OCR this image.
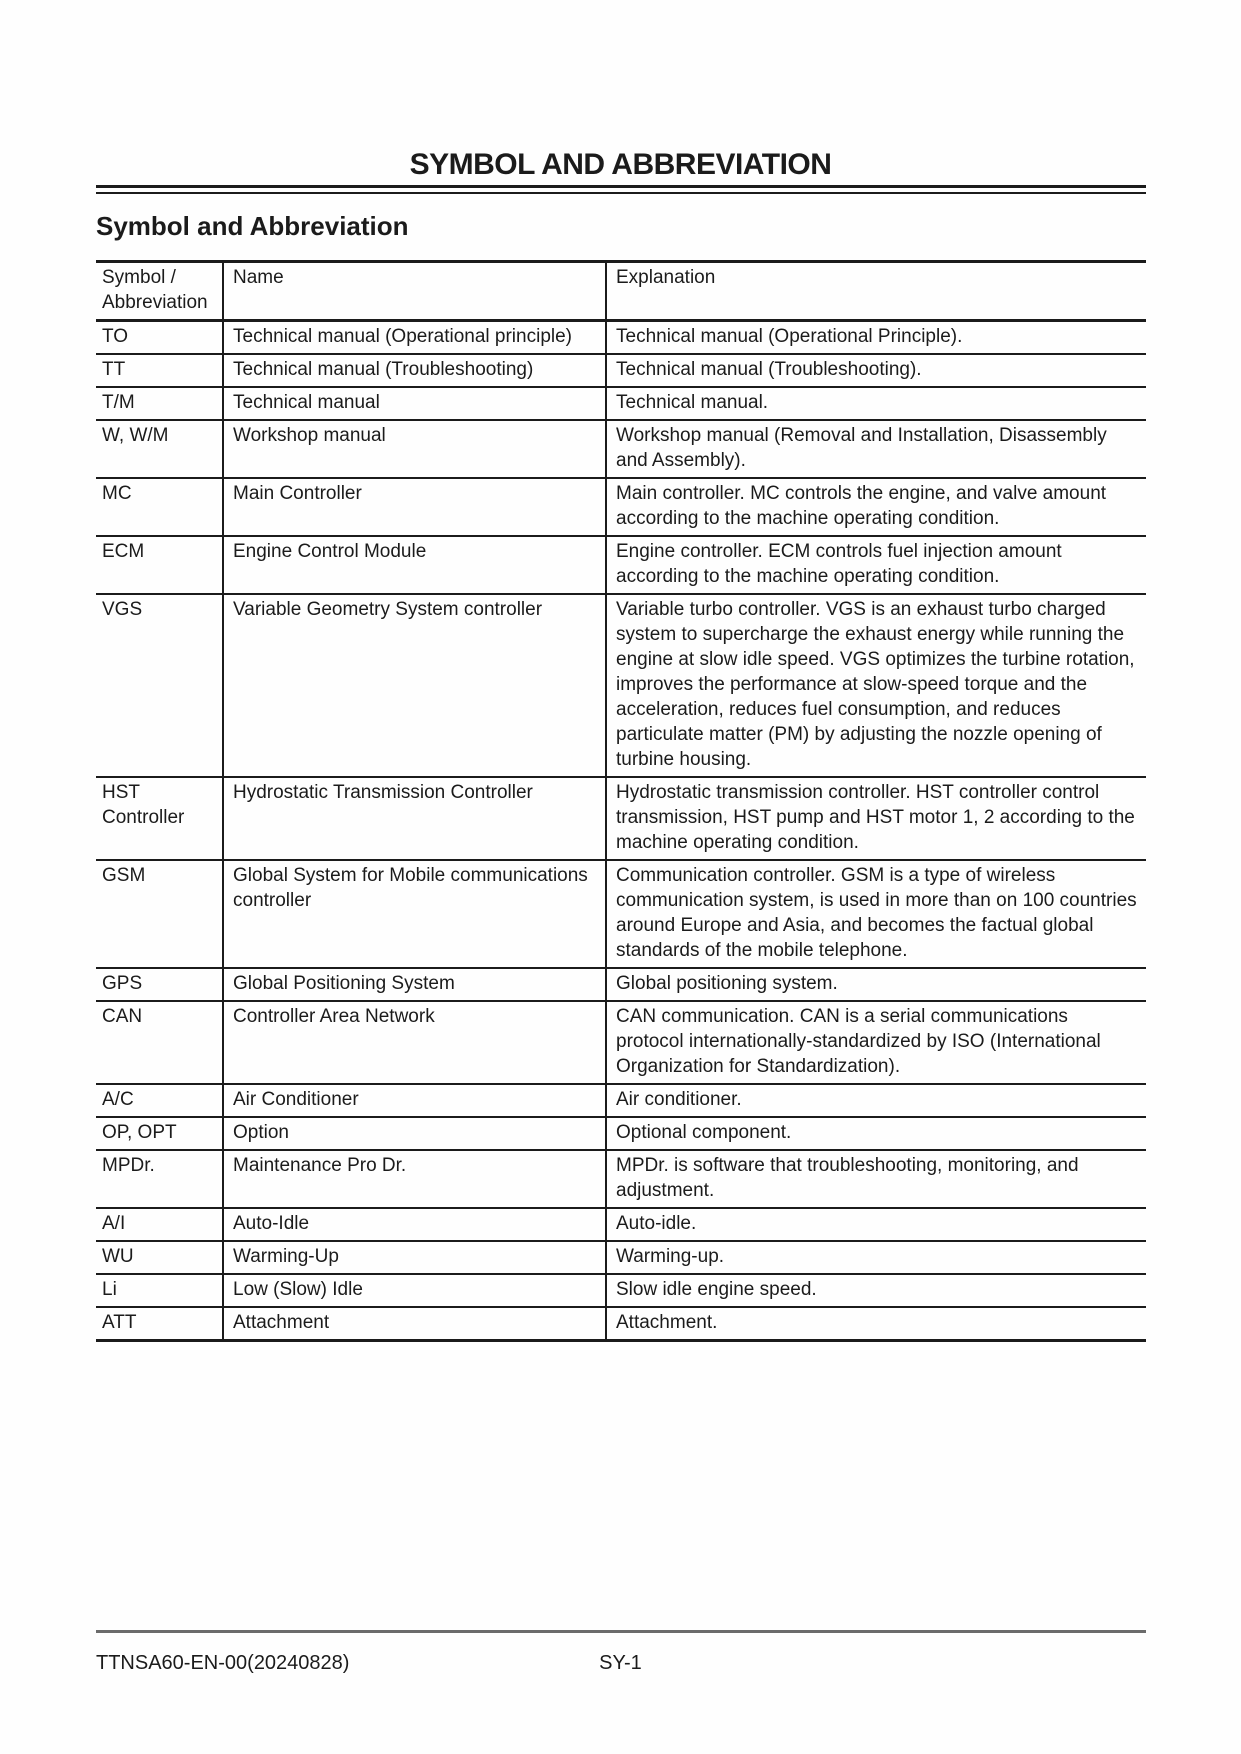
SYMBOL AND ABBREVIATION
Symbol and Abbreviation
Symbol / Abbreviation	Name	Explanation
TO	Technical manual (Operational principle)	Technical manual (Operational Principle).
TT	Technical manual (Troubleshooting)	Technical manual (Troubleshooting).
T/M	Technical manual	Technical manual.
W, W/M	Workshop manual	Workshop manual (Removal and Installation, Disassembly and Assembly).
MC	Main Controller	Main controller. MC controls the engine, and valve amount according to the machine operating condition.
ECM	Engine Control Module	Engine controller. ECM controls fuel injection amount according to the machine operating condition.
VGS	Variable Geometry System controller	Variable turbo controller. VGS is an exhaust turbo charged system to supercharge the exhaust energy while running the engine at slow idle speed. VGS optimizes the turbine rotation, improves the performance at slow-speed torque and the acceleration, reduces fuel consumption, and reduces particulate matter (PM) by adjusting the nozzle opening of turbine housing.
HST Controller	Hydrostatic Transmission Controller	Hydrostatic transmission controller. HST controller control transmission, HST pump and HST motor 1, 2 according to the machine operating condition.
GSM	Global System for Mobile communications controller	Communication controller. GSM is a type of wireless communication system, is used in more than on 100 countries around Europe and Asia, and becomes the factual global standards of the mobile telephone.
GPS	Global Positioning System	Global positioning system.
CAN	Controller Area Network	CAN communication. CAN is a serial communications protocol internationally-standardized by ISO (International Organization for Standardization).
A/C	Air Conditioner	Air conditioner.
OP, OPT	Option	Optional component.
MPDr.	Maintenance Pro Dr.	MPDr. is software that troubleshooting, monitoring, and adjustment.
A/I	Auto-Idle	Auto-idle.
WU	Warming-Up	Warming-up.
Li	Low (Slow) Idle	Slow idle engine speed.
ATT	Attachment	Attachment.
TTNSA60-EN-00(20240828)	SY-1
